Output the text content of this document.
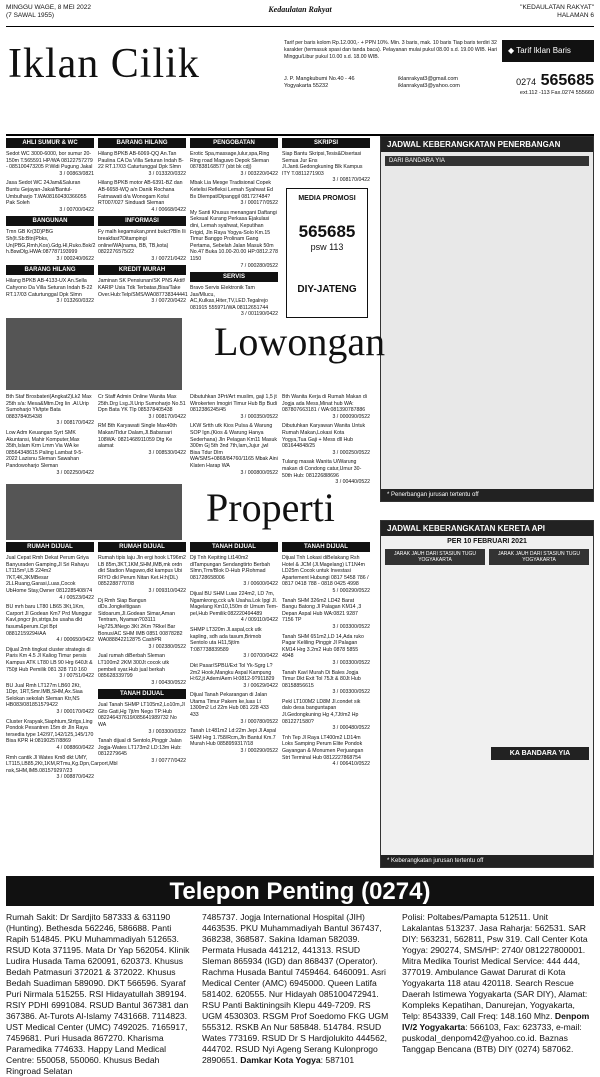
MINGGU WAGE, 8 MEI 2022
(7 SAWAL 1955)
Kedaulatan Rakyat	"KEDAULATAN RAKYAT"
HALAMAN 6
Iklan Cilik	Tarif per baris kolom Rp.12.000,- + PPN 10%. Min. 3 baris, mak. 10 baris Tiap baris terdiri 32 karakter (termasuk spasi dan tanda baca). Pelayanan mulai pukul 08.00 s.d. 19.00 WIB. Hari Minggu/Libur pukul 10.00 s.d. 18.00 WIB.
◆ Tarif Iklan Baris
J. P. Mangkubumi No.40 - 46
Yogyakarta 55232
iklanrakyat3@gmail.com
iklanrakyat3@yahoo.com	0274 565685
ext.112 -113 Fax.0274 555660
AHLI SUMUR & WC
Sedot WC 3000-6000, bor sumur 20-150m T.565591 HP/WA 08122757279 - 085100473205 P.Widi Pugung Jakal
3 / 00863/0821
Jasa Sedot WC 24Jam&Saluran Buntu Gejayan-Jakal/Bantul-Umbulharjo T.WA08160430366055 Pak Soleh
3 / 00700/0422
BANGUNAN
Tmn GB Kr(3D)PBG Sh(lt.Sb:Btn)Pbks, Un(PBG,Rmh,Kos).Gdg.Hl,Ruko.Bsk/2 h.BswDlg.HWA:087787193999
3 / 000240/0622
BARANG HILANG
Hilang BPKB AB-4133-UX An.Sella Cahyono Da Villa Seturan Indah B-22 RT.17/03 Caturtunggal Dpk Slmn
3 / 013260/0322
BARANG HILANG
Hilang BPKB AB-6069-QQ An.Tan Paulina CA Da Villa Seturan Indah B-22 RT.17/03 Caturtunggal Dpk Slmn
3 / 013320/0322
Hilang BPKB motor AB-6391-BZ dan AB-6658-WQ a/n Danik Rochana Fatmawati d/a Wonogam Kotul RT007/027 Sinduadi Sleman
4 / 00668/0422
INFORMASI
Fy malh kegamukan,pnnt bukct?Bln Ili breakfast?Ditampingi online/WA(nama, BB, TB,kota) 0822276575/22
3 / 00721/0422
KREDIT MURAH
Jaminan SK Pensiunan/SK PNS Aktif/ KARIP Usia Tdk Terbatas,Bisa/Take Over.Hub:Telp/SMS/WA087738344441
3 / 00720/0422
PENGOBATAN
Erotic Spa,massage,lulur,spa,Ring Ring road Maguwo Depok Sleman 087838168577 (sbt bk cdj)
3 / 003220/0422
Mbak Lia Mesge Tradisional Copek Ketelisi Refleksi Lemah Syahwat Ed Bs Dlempat/Dipanggil 081727484?
3 / 000177/0522
My Santi Khusus menangani Daftangi Seksual Kurang Perkasa Ejakulasi dini, Lemah syahwat, Keputihan Frigid, Jln Raya Yogya-Solo Km.15 Timur Banggo Prolinam Gang Pertama, Sebelah Jalan Masuk 50m No.47 Buka 10.00-20.00 HP:0812.278 1150
7 / 000280/0522
SERVIS
Bravo Servis Elektronik Tam Jas/Mlucu, AC,Kulkas,Hiter,TV,LED.Tegalrejo 081915 5559?1/WA 08112651744
3 / 001190/0422
SKRIPSI
Siap Bantu Skripsi,Tesis&Disertasi Semua Jur Ens Jl.Janti.Gedongkuning Blk Kampus IТY T.0811271903
3 / 008170/0422
MEDIA PROMOSI
565685
psw 113
DIY-JATENG
JADWAL KEBERANGKATAN PENERBANGAN
DARI BANDARA YIA
* Penerbangan jurusan tertentu off
Lowongan
Bth Staf Brosbateri(Angkat2)Lk2 Max 25th s/a: Mesa&Mtm.Drg Iin .Al.Urip Sumoharjo Yk/tpte Bata 08837840543/8
3 / 008170/0422
Low Adm Keuangan Syrt SMK Akuntansi, Mahir Komputer,Max 35th,Islam Krm Lmm Via WA ke 08564348615 Paling Lambat 9-5-2022 Lazisnu Sleman Sawahan Pandowoharjo Sleman
3 / 002250/0422
Cr Staff Admin Online Wanita Max 25th.Drg Lsg.Jl.Urip Sumoharjo No.51 Dpn Bata YK Tlp 085378405438
3 / 008170/0422
RM Bth Karyawati Single Max40th Makan/Tidur Dalam,Jl.Babarsari 108WA: 0821468911059 Dtg Ke alamat
3 / 008530/0422
Dibutuhkan 3Prt/Art muslim, gaji 1,5 jt Wirokerten Imogiri Timur Hub Bp Budi 0812386245/45
3 / 000350/0522
LKW Srtth utk Kios Pulsa & Warung SOP Ign.(Kios & Warung Hanya Sederhana) Jln Pelagan Km11 Masuk 300m Gj 5th 3nd 7th,lam,Jujur ,jwl Bisa Tdur Dlm WA/SMS+0868/84760/1165 Mbak Aini Klaten Harap WA
3 / 000800/0522
Bth Wanita Kerja di Rumah Makan di Jogja ada Mess,Minat hub WA: 087807663181 / WA:081390787886
3 / 000090/0522
Dibutuhkan Karyawan Wanita Untuk Rumah Makan,Lokasi Kota Yogya,Tua Gaji + Mess dll Hub 081644848/25
3 / 000250/0522
Tulang masak Wanita U/Warung makan di Condong catur,Umur 30-50th Hub: 0812268l8696
3 / 00440/0522
Properti
RUMAH DIJUAL
Jual Cepat Rmh Dekat Perum Griya Banyuraden Gamping,Jl Sri Rahayu LT115m²,LB 224m2 7KT,4K,3KMBesar 2LLRuang,Garasi,Luas,Cocok UbHome Stay,Owner 0812285408/74
4 / 00523/0422
BU mrh baru LT80 LB65 3Kt,1Km, Carport Jl Godean Km7 Prd Munggur Kavl,pngcr jln,strtgs,bs usaha dkt fasum&perum.Cpt Bpt 08812159294/AA
4 / 000650/0422
Dijual 2mh tingkat cluster strategis di Paris Km 4.5 Jl Kaliog Timur persis Kampus ATK LT80 LB 90 Hrg 640Jt & 750jt Hub Pemilik 081 328 710 160
3 / 00751/0422
BU Jual Rmh LT127m LB60 2Kt, 1Dpr, 1RT,Smr.IMB,SHM,Ax.Siaa Selokan sekolah Sleman Ktr,NS HB083/081851579422
3 / 000170/0422
Cluster Krapyak,Siaphtum,Strtgs,Ling Pondok Pesantren 15m dr Jln Raya tersedia type 142/97,142/125,145/170 Bisa KPR H:08190257/8869
4 / 008860/0422
Rmh cantik Jl Wates Km8 dkt UMY, LT115,LB85,2Kt,1KM,RTmu,Kg.Dpn,Carport,Mbl nsk,SHM,IMB.081579297/23
3 / 008870/0422
RUMAH DIJUAL
Rumah tipis laju Jln ergi hook LT96m2 LB 85m,3KT,1KM,SHM,IMB,mk ordn dkt Stadion Maguwo,dkt kampus Ubi RIYO dkl Perum Nitan Ket.H:h(DL) 08522887707/8
3 / 009310/0422
Dj Rmh Siap Bangun dDs.Jongkeltigaan Sidoarum,Jl.Godean Simar,Aman Tentram, Nyaman?03111 Hg725JtNego 3Kt 2Km ?Rkel Bar Bonus/AC SHM IMB 0851 00878282 WA0888422128?5 CashPR
3 / 002380/0522
Jual rumah diBerbah Sleman LT100m2 2KM 300Jt cocok utk pembeli syar.Hub jual berkah 085628339799
3 / 00430/0522
TANAH DIJUAL
Jual Tanah SHMP LT105m2,Lo10m,Jl Gito Gati,Hg 7jt/m Nego TP:Hub 082246437619/085641989732 No WA
3 / 003300/0322
Tanah dijual di Sentolo,Pinggir Jalan Jogja-Wates LT173m2 LD:13m Hub: 0812279645
3 / 00777/0422
TANAH DIJUAL
Dji Tnh Kepiting Lt140m2 dlTampungan Sendangtirto Berbah Slmn,Trm/Blok D-Hub P.Rohmad 081728658006
3 / 00600/0422
Dijual BU SHM Luas 224m2, LD 7m, Ngamkrong,cck u/k Usaha.Lok Ipgi Jl. Magelang Km10,150m dr Umum Tem-pel,Hub Pemilik:082220494489
4 / 009110/0422
SHMP LT320m Jl.aspal,cck utk kapling, sdh ada tasum,Brimob Sentolo uta H11,5jt/m T:087738839589
3 / 00700/0422
Dkt Pasar/SPBU/Ext Tol Yk-Sgrg L?2m2 Hook,Mangku Aspal Kampung H:62,jt Adem/Aem H:0812-9?911829
3 / 00629/0422
Dijual Tanah Pekarangan di Jalan Utama Timur Pakem ke,luas Lt 1300m2 Ld 22m Hub 081 228 433 433
3 / 000780/0522
Tanah Lt:481m2 Ld:22m Jepi Jl Aspal SHM Hrg 1.758/Rcm,Jln Bantul Km.7 Murah Hub 0858959317/18
3 / 000290/0522
TANAH DIJUAL
Dijual Tnh Lokasi diBelakang Rsh Hotel & JCM (Jl.Magelang) LT1N4m LD25m Cocok untuk Investasi Apartement Hubungi 0817 5458 786 / 0817 0418 788 - 0818 0425 4998
5 / 000290/0522
Tanah SHM 326m2 LD42 Barat Bangu Batong Jl Palagan KM14 ,3 Depan Aspal Hub WA:0821 9287 7156 TP
3 / 003300/0522
Tanah SHM 651m2,LD 14,Ada ruko Pagar Keliling Pinggir Jl Palagan KM14 Hrg 3.2m2 Hub 0878 5855 4948
3 / 003300/0522
Tanah Kavl Murah Di Bales Jogja Timur Dkt Exit Tol 75Jt & 80Jt Hub 08158856615
3 / 003300/0522
Pekl LT100M2 LD8M Jl.condet sik dalo desa banguntapan Jl.Gedongkuning Hg 4,7Jt/m2 Hp 0812271580?
3 / 000480/0522
Tnh Tep Jl Raya LT400m2 LD14m Loks Samping Perum Elite Pondok Gayangan & Monumen Perjuangan Strt Terminal Hub 0812227868754
4 / 006410/0522
JADWAL KEBERANGKATAN KERETA API
PER 10 FEBRUARI 2021
JARAK JAUH DARI STASIUN TUGU YOGYAKARTA
JARAK JAUH DARI STASIUN TUGU YOGYAKARTA
KA BANDARA YIA
* Keberangkatan jurusan tertentu off
Telepon Penting (0274)
Rumah Sakit: Dr Sardjito 587333 & 631190 (Hunting). Bethesda 562246, 586688. Panti Rapih 514845. PKU Muhammadiyah 512653. RSUD Kota 371195. Mata Dr Yap 562054. Klinik Ludira Husada Tama 620091, 620373. Khusus Bedah Patmasuri 372021 & 372022. Khusus Bedah Suadiman 589090. DKT 566596. Syaraf Puri Nirmala 515255. RSI Hidayatullah 389194. RSIY PDHI 6991084. RSUD Bantul 367381 dan 367386. At-Turots Al-Islamy 7431668. 7114823. UST Medical Center (UMC) 7492025. 7165917, 7459681. Puri Husada 867270. Kharisma Paramedika 774633. Happy Land Medical Centre: 550058, 550060. Khusus Bedah Ringroad Selatan
7485737. Jogja International Hospital (JIH) 4463535. PKU Muhammadiyah Bantul 367437, 368238, 368587. Sakina Idaman 582039. Permata Husada 441212, 441313. RSUD Sleman 865934 (IGD) dan 868437 (Operator). Rachma Husada Bantul 7459464. 6460091. Asri Medical Center (AMC) 6945000. Queen Latifa 581402. 620555. Nur Hidayah 085100472941. RSU Panti Baktiningsih Klepu 449-7209. RS UGM 4530303. RSGM Prof Soedomo FKG UGM 555312. RSKB An Nur 585848. 514784. RSUD Wates 773169. RSUD Dr S Hardjolukito 444562, 444702. RSUD Nyi Ageng Serang Kulonprogo 2890651. Damkar Kota Yogya: 587101
Polisi: Poltabes/Pamapta 512511. Unit Lakalantas 513237. Jasa Raharja: 562531. SAR DIY: 563231, 562811, Psw 319. Call Center Kota Yogya: 290274, SMS/HP: 2740/ 081227800001. Mitra Medika Tourist Medical Service: 444 444, 377019. Ambulance Gawat Darurat di Kota Yogyakarta 118 atau 420118. Search Rescue Daerah Istimewa Yogyakarta (SAR DIY), Alamat: Kompleks Kepatihan, Danurejan, Yogyakarta, Telp: 8543339, Call Freq: 148.160 Mhz. Denpom IV/2 Yogyakarta: 566103, Fax: 623733, e-mail: puskodal_denpom42@yahoo.co.id. Baznas Tanggap Bencana (BTB) DIY (0274) 587062.
